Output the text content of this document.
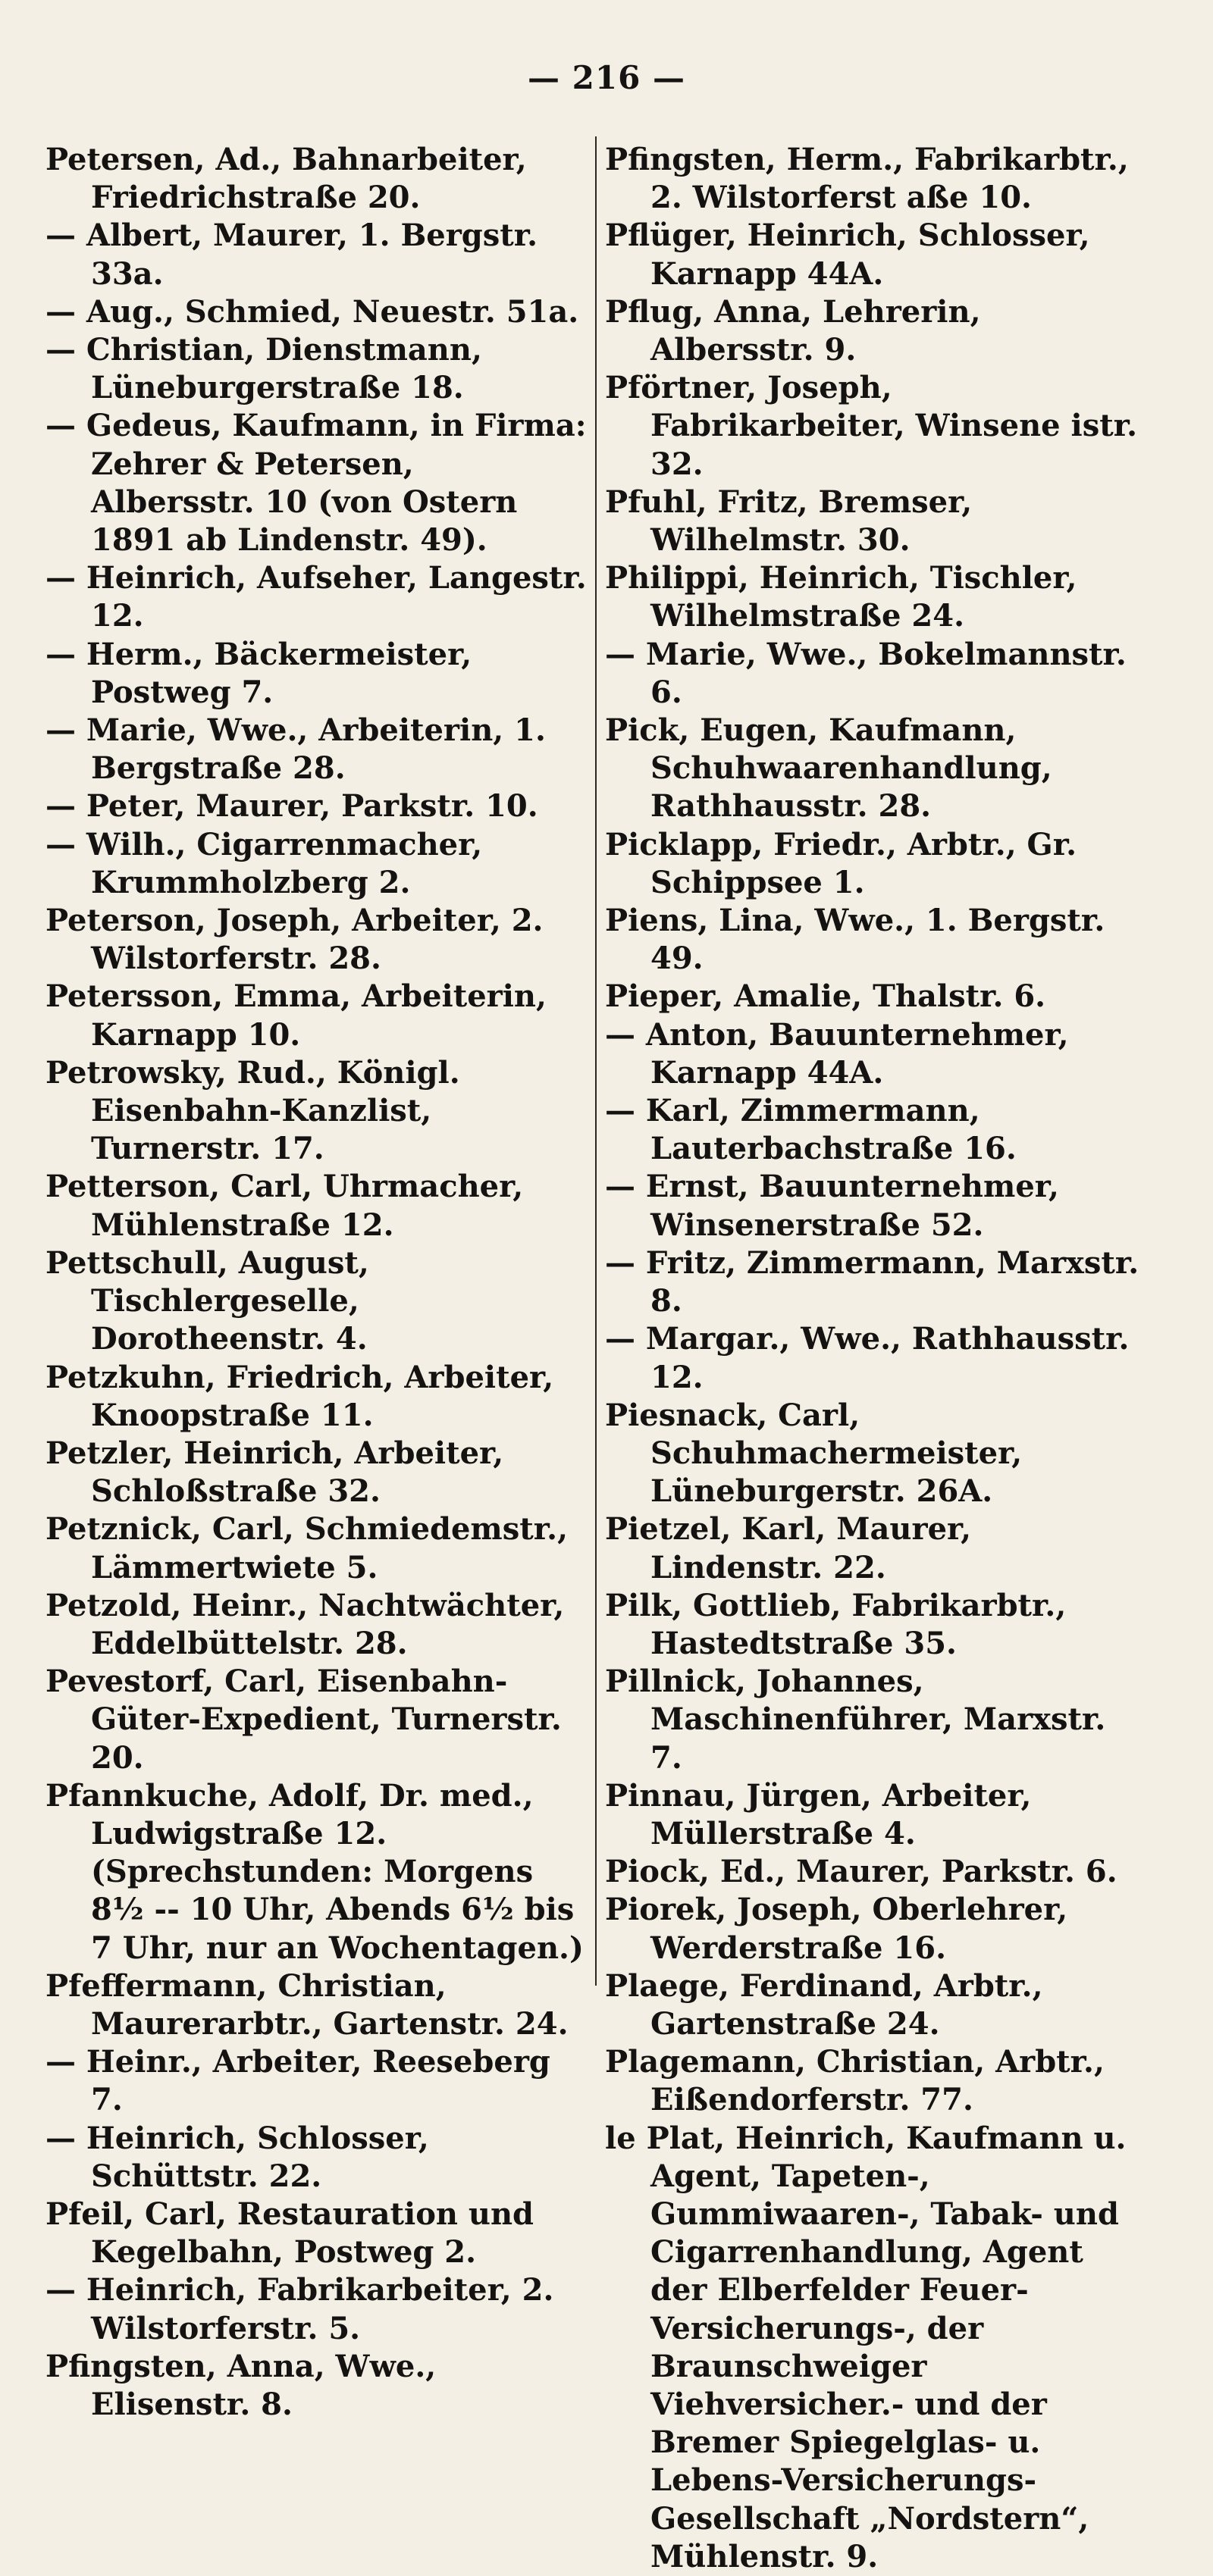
— 216 —

Petersen, Ad., Bahnarbeiter, Friedrichstraße 20.

— Albert, Maurer, 1. Bergstr. 33a.

— Aug., Schmied, Neuestr. 51a.

— Christian, Dienstmann, Lüneburgerstraße 18.

— Gedeus, Kaufmann, in Firma: Zehrer & Petersen, Albersstr. 10 (von Ostern 1891 ab Lindenstr. 49).

— Heinrich, Aufseher, Langestr. 12.

— Herm., Bäckermeister, Postweg 7.

— Marie, Wwe., Arbeiterin, 1. Bergstraße 28.

— Peter, Maurer, Parkstr. 10.

— Wilh., Cigarrenmacher, Krummholzberg 2.

Peterson, Joseph, Arbeiter, 2. Wilstorferstr. 28.

Petersson, Emma, Arbeiterin, Karnapp 10.

Petrowsky, Rud., Königl. Eisenbahn-Kanzlist, Turnerstr. 17.

Petterson, Carl, Uhrmacher, Mühlenstraße 12.

Pettschull, August, Tischlergeselle, Dorotheenstr. 4.

Petzkuhn, Friedrich, Arbeiter, Knoopstraße 11.

Petzler, Heinrich, Arbeiter, Schloßstraße 32.

Petznick, Carl, Schmiedemstr., Lämmertwiete 5.

Petzold, Heinr., Nachtwächter, Eddelbüttelstr. 28.

Pevestorf, Carl, Eisenbahn-Güter-Expedient, Turnerstr. 20.

Pfannkuche, Adolf, Dr. med., Ludwigstraße 12. (Sprechstunden: Morgens 8½ -- 10 Uhr, Abends 6½ bis 7 Uhr, nur an Wochentagen.)

Pfeffermann, Christian, Maurerarbtr., Gartenstr. 24.

— Heinr., Arbeiter, Reeseberg 7.

— Heinrich, Schlosser, Schüttstr. 22.

Pfeil, Carl, Restauration und Kegelbahn, Postweg 2.

— Heinrich, Fabrikarbeiter, 2. Wilstorferstr. 5.

Pfingsten, Anna, Wwe., Elisenstr. 8.

Pfingsten, Herm., Fabrikarbtr., 2. Wilstorferst aße 10.

Pflüger, Heinrich, Schlosser, Karnapp 44A.

Pflug, Anna, Lehrerin, Albersstr. 9.

Pförtner, Joseph, Fabrikarbeiter, Winsene istr. 32.

Pfuhl, Fritz, Bremser, Wilhelmstr. 30.

Philippi, Heinrich, Tischler, Wilhelmstraße 24.

— Marie, Wwe., Bokelmannstr. 6.

Pick, Eugen, Kaufmann, Schuhwaarenhandlung, Rathhausstr. 28.

Picklapp, Friedr., Arbtr., Gr. Schippsee 1.

Piens, Lina, Wwe., 1. Bergstr. 49.

Pieper, Amalie, Thalstr. 6.

— Anton, Bauunternehmer, Karnapp 44A.

— Karl, Zimmermann, Lauterbachstraße 16.

— Ernst, Bauunternehmer, Winsenerstraße 52.

— Fritz, Zimmermann, Marxstr. 8.

— Margar., Wwe., Rathhausstr. 12.

Piesnack, Carl, Schuhmachermeister, Lüneburgerstr. 26A.

Pietzel, Karl, Maurer, Lindenstr. 22.

Pilk, Gottlieb, Fabrikarbtr., Hastedtstraße 35.

Pillnick, Johannes, Maschinenführer, Marxstr. 7.

Pinnau, Jürgen, Arbeiter, Müllerstraße 4.

Piock, Ed., Maurer, Parkstr. 6.

Piorek, Joseph, Oberlehrer, Werderstraße 16.

Plaege, Ferdinand, Arbtr., Gartenstraße 24.

Plagemann, Christian, Arbtr., Eißendorferstr. 77.

le Plat, Heinrich, Kaufmann u. Agent, Tapeten-, Gummiwaaren-, Tabak- und Cigarrenhandlung, Agent der Elberfelder Feuer-Versicherungs-, der Braunschweiger Viehversicher.- und der Bremer Spiegelglas- u. Lebens-Versicherungs-Gesellschaft „Nordstern“, Mühlenstr. 9.
